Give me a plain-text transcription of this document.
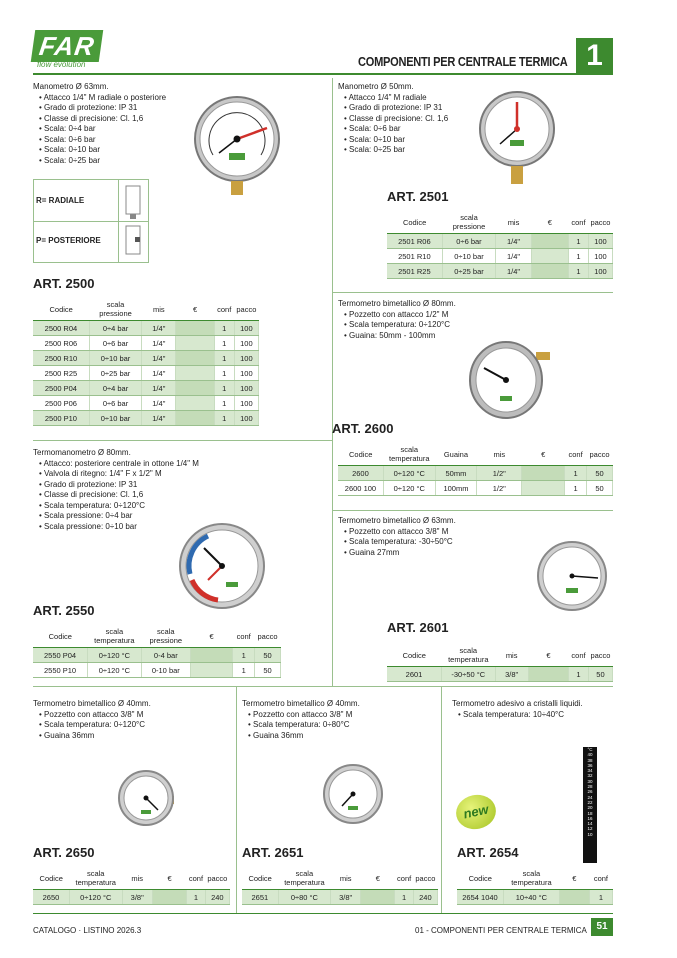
FAR
flow evolution	COMPONENTI PER CENTRALE TERMICA 1
Manometro Ø 63mm.
• Attacco 1/4" M radiale o posteriore
• Grado di protezione: IP 31
• Classe di precisione: Cl. 1,6
• Scala: 0÷4 bar
• Scala: 0÷6 bar
• Scala: 0÷10 bar
• Scala: 0÷25 bar
R= RADIALE
P= POSTERIORE
ART. 2500
Codice	scala pressione	mis	€	conf	pacco
2500 R04	0÷4 bar	1/4"		1	100
2500 R06	0÷6 bar	1/4"		1	100
2500 R10	0÷10 bar	1/4"		1	100
2500 R25	0÷25 bar	1/4"		1	100
2500 P04	0÷4 bar	1/4"		1	100
2500 P06	0÷6 bar	1/4"		1	100
2500 P10	0÷10 bar	1/4"		1	100
Manometro Ø 50mm.
• Attacco 1/4" M radiale
• Grado di protezione: IP 31
• Classe di precisione: Cl. 1,6
• Scala: 0÷6 bar
• Scala: 0÷10 bar
• Scala: 0÷25 bar
ART. 2501
Codice	scala pressione	mis	€	conf	pacco
2501 R06	0÷6 bar	1/4"		1	100
2501 R10	0÷10 bar	1/4"		1	100
2501 R25	0÷25 bar	1/4"		1	100
Termometro bimetallico Ø 80mm.
• Pozzetto con attacco 1/2" M
• Scala temperatura: 0÷120°C
• Guaina: 50mm - 100mm
ART. 2600
Codice	scala temperatura	Guaina	mis	€	conf	pacco
2600	0÷120 °C	50mm	1/2"		1	50
2600 100	0÷120 °C	100mm	1/2"		1	50
Termomanometro Ø 80mm.
• Attacco: posteriore centrale in ottone 1/4" M
• Valvola di ritegno: 1/4" F x 1/2" M
• Grado di protezione: IP 31
• Classe di precisione: Cl. 1,6
• Scala temperatura: 0÷120°C
• Scala pressione: 0÷4 bar
• Scala pressione: 0÷10 bar
ART. 2550
Codice	scala temperatura	scala pressione	€	conf	pacco
2550 P04	0÷120 °C	0-4 bar		1	50
2550 P10	0÷120 °C	0-10 bar		1	50
Termometro bimetallico Ø 63mm.
• Pozzetto con attacco 3/8" M
• Scala temperatura: -30÷50°C
• Guaina 27mm
ART. 2601
Codice	scala temperatura	mis	€	conf	pacco
2601	-30÷50 °C	3/8"		1	50
Termometro bimetallico Ø 40mm.
• Pozzetto con attacco 3/8" M
• Scala temperatura: 0÷120°C
• Guaina 36mm
ART. 2650
Codice	scala temperatura	mis	€	conf	pacco
2650	0÷120 °C	3/8"		1	240
Termometro bimetallico Ø 40mm.
• Pozzetto con attacco 3/8" M
• Scala temperatura: 0÷80°C
• Guaina 36mm
ART. 2651
Codice	scala temperatura	mis	€	conf	pacco
2651	0÷80 °C	3/8"		1	240
Termometro adesivo a cristalli liquidi.
• Scala temperatura: 10÷40°C
new
°C
40
38
36
34
32
30
28
26
24
22
20
18
16
14
12
10
ART. 2654
Codice	scala temperatura	€	conf
2654 1040	10÷40 °C		1
CATALOGO · LISTINO 2026.3	01 - COMPONENTI PER CENTRALE TERMICA 51
